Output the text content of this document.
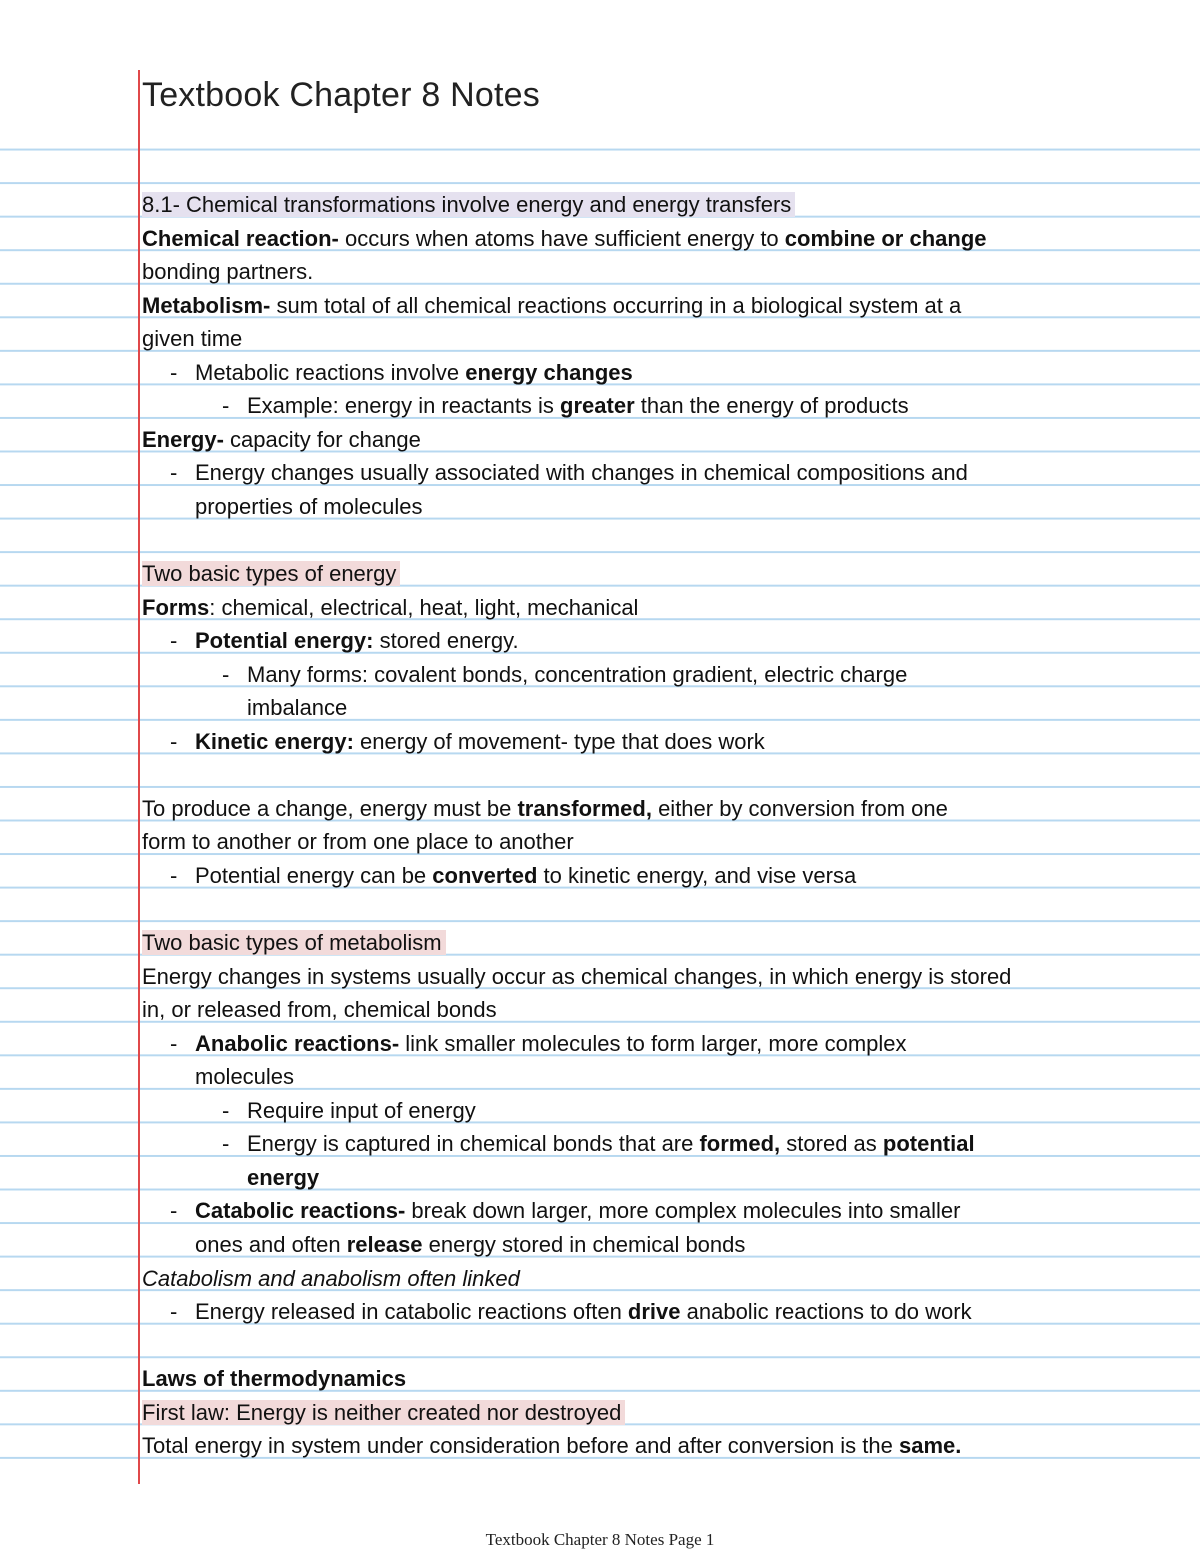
Textbook Chapter 8 Notes
8.1- Chemical transformations involve energy and energy transfers
Chemical reaction- occurs when atoms have sufficient energy to combine or change
bonding partners.
Metabolism- sum total of all chemical reactions occurring in a biological system at a
given time
- Metabolic reactions involve energy changes
- Example: energy in reactants is greater than the energy of products
Energy- capacity for change
- Energy changes usually associated with changes in chemical compositions and
properties of molecules
Two basic types of energy
Forms: chemical, electrical, heat, light, mechanical
- Potential energy: stored energy.
- Many forms: covalent bonds, concentration gradient, electric charge
imbalance
- Kinetic energy: energy of movement- type that does work
To produce a change, energy must be transformed, either by conversion from one
form to another or from one place to another
- Potential energy can be converted to kinetic energy, and vise versa
Two basic types of metabolism
Energy changes in systems usually occur as chemical changes, in which energy is stored
in, or released from, chemical bonds
- Anabolic reactions- link smaller molecules to form larger, more complex
molecules
- Require input of energy
- Energy is captured in chemical bonds that are formed, stored as potential
energy
- Catabolic reactions- break down larger, more complex molecules into smaller
ones and often release energy stored in chemical bonds
Catabolism and anabolism often linked
- Energy released in catabolic reactions often drive anabolic reactions to do work
Laws of thermodynamics
First law: Energy is neither created nor destroyed
Total energy in system under consideration before and after conversion is the same.
Textbook Chapter 8 Notes Page 1
